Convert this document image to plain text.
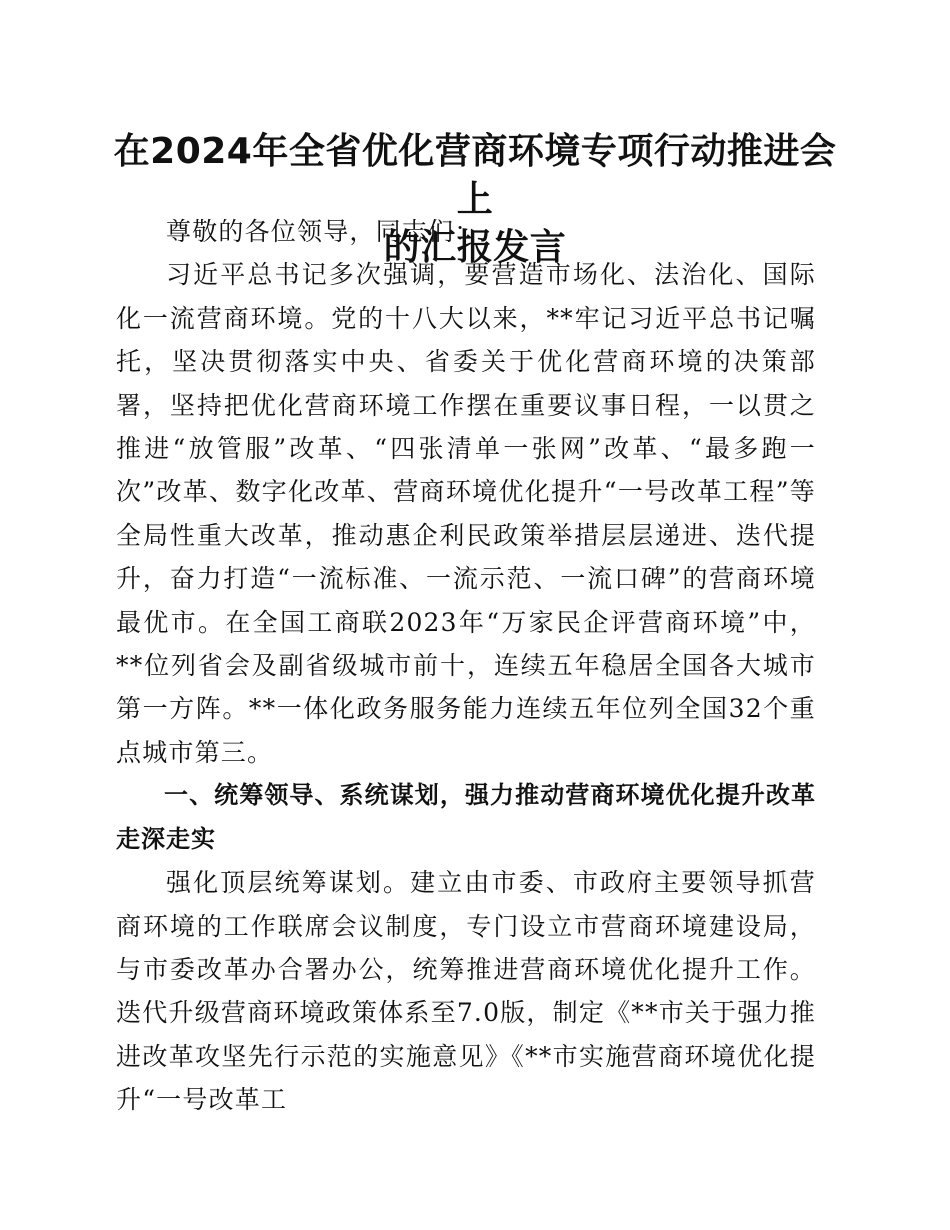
在2024年全省优化营商环境专项行动推进会上
的汇报发言

尊敬的各位领导，同志们：

习近平总书记多次强调，要营造市场化、法治化、国际化一流营商环境。党的十八大以来，**牢记习近平总书记嘱托，坚决贯彻落实中央、省委关于优化营商环境的决策部署，坚持把优化营商环境工作摆在重要议事日程，一以贯之推进“放管服”改革、“四张清单一张网”改革、“最多跑一次”改革、数字化改革、营商环境优化提升“一号改革工程”等全局性重大改革，推动惠企利民政策举措层层递进、迭代提升，奋力打造“一流标准、一流示范、一流口碑”的营商环境最优市。在全国工商联2023年“万家民企评营商环境”中，**位列省会及副省级城市前十，连续五年稳居全国各大城市第一方阵。**一体化政务服务能力连续五年位列全国32个重点城市第三。

一、统筹领导、系统谋划，强力推动营商环境优化提升改革走深走实

强化顶层统筹谋划。建立由市委、市政府主要领导抓营商环境的工作联席会议制度，专门设立市营商环境建设局，与市委改革办合署办公，统筹推进营商环境优化提升工作。迭代升级营商环境政策体系至7.0版，制定《**市关于强力推进改革攻坚先行示范的实施意见》《**市实施营商环境优化提升“一号改革工
